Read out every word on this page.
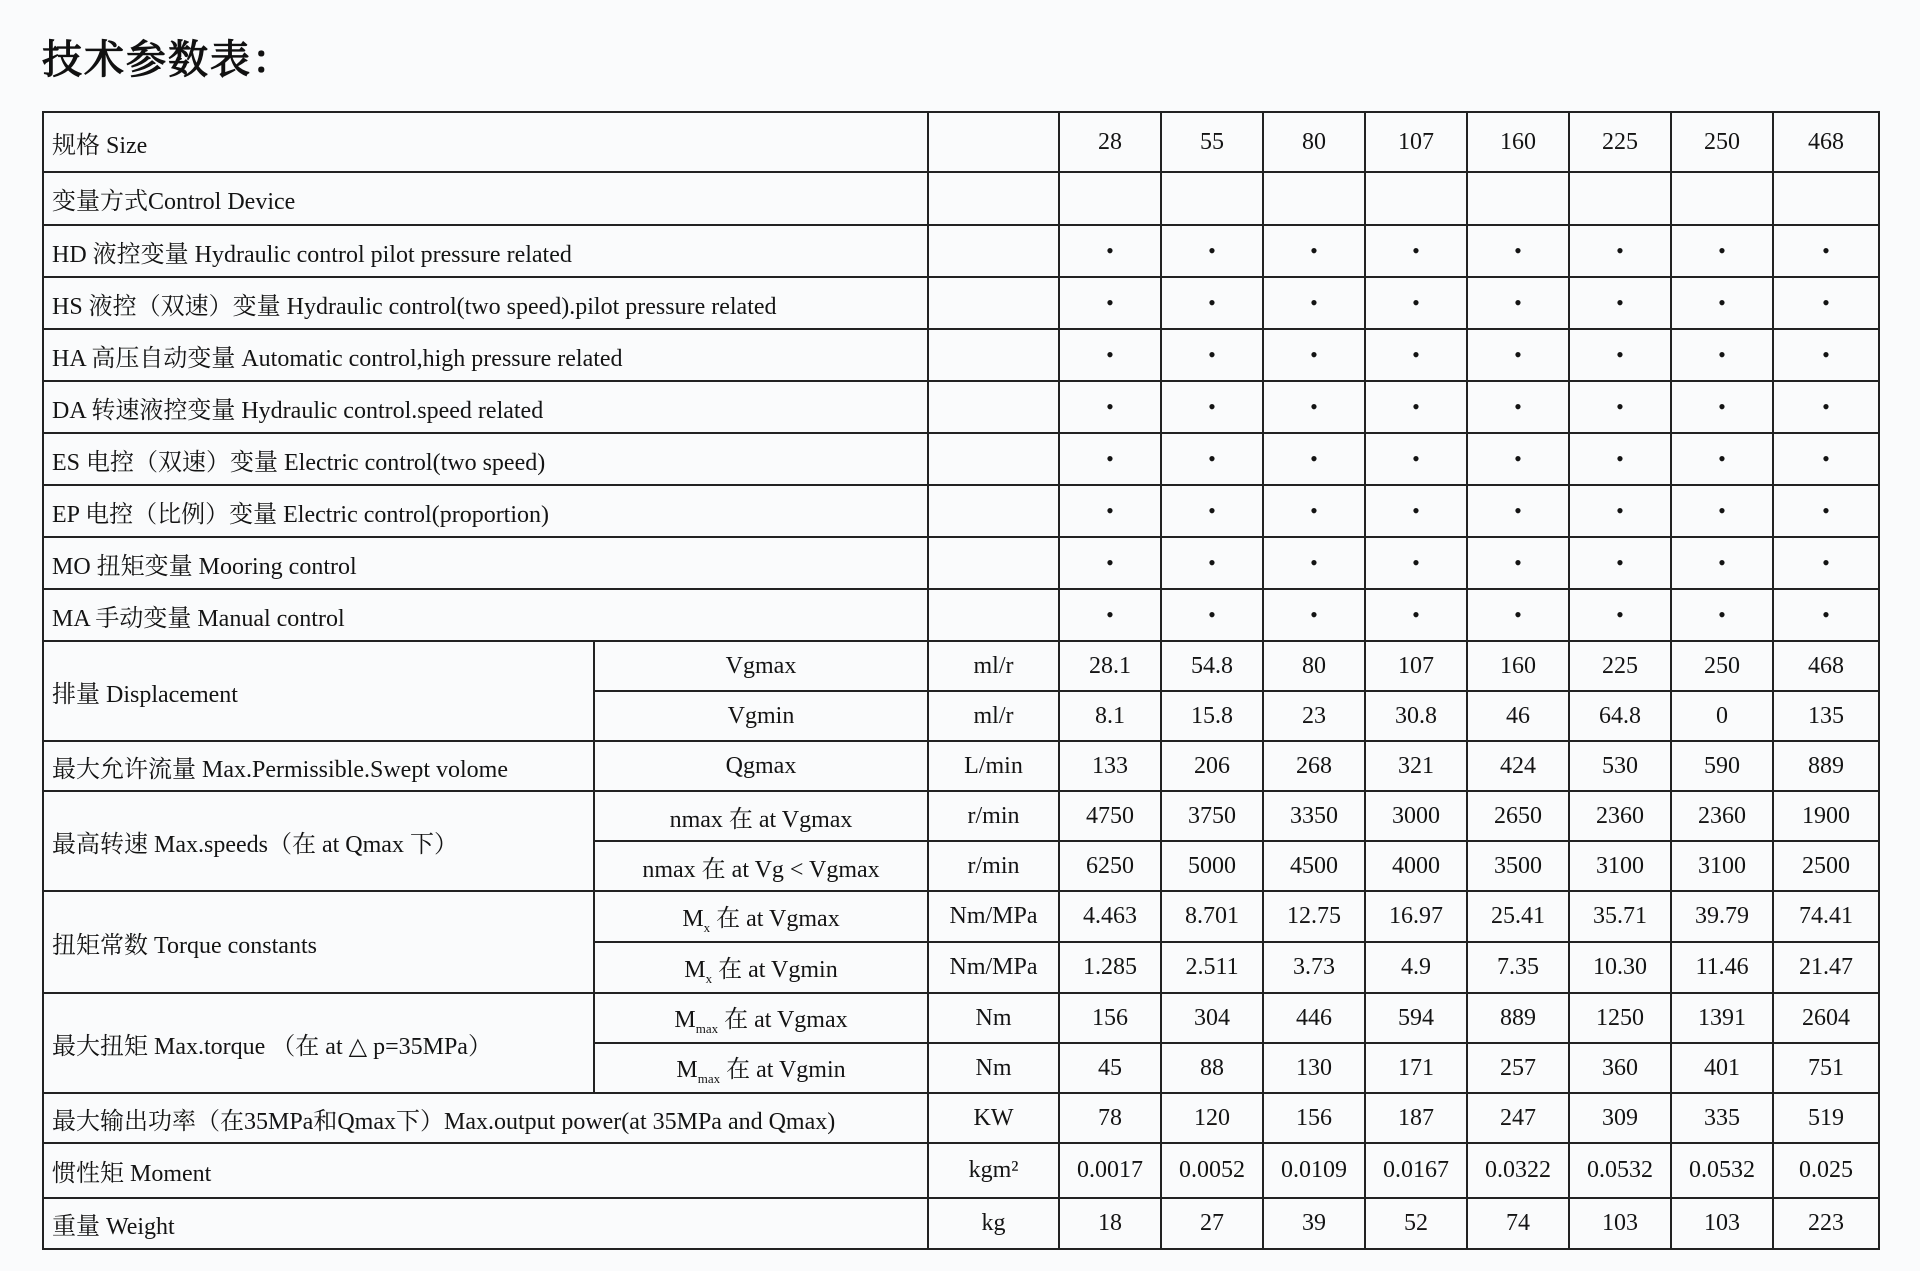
技术参数表：
规格 Size			28	55	80	107	160	225	250	468
变量方式Control Device										
HD 液控变量 Hydraulic control pilot pressure related			•	•	•	•	•	•	•	•
HS 液控（双速）变量 Hydraulic control(two speed).pilot pressure related			•	•	•	•	•	•	•	•
HA 高压自动变量 Automatic control,high pressure related			•	•	•	•	•	•	•	•
DA 转速液控变量 Hydraulic control.speed related			•	•	•	•	•	•	•	•
ES 电控（双速）变量 Electric control(two speed)			•	•	•	•	•	•	•	•
EP 电控（比例）变量 Electric control(proportion)			•	•	•	•	•	•	•	•
MO 扭矩变量 Mooring control			•	•	•	•	•	•	•	•
MA 手动变量 Manual control			•	•	•	•	•	•	•	•
排量 Displacement	Vgmax	ml/r	28.1	54.8	80	107	160	225	250	468
	Vgmin	ml/r	8.1	15.8	23	30.8	46	64.8	0	135
最大允许流量 Max.Permissible.Swept volome	Qgmax	L/min	133	206	268	321	424	530	590	889
最高转速 Max.speeds（在 at Qmax 下）	nmax 在 at Vgmax	r/min	4750	3750	3350	3000	2650	2360	2360	1900
	nmax 在 at Vg < Vgmax	r/min	6250	5000	4500	4000	3500	3100	3100	2500
扭矩常数 Torque constants	$M_x$ 在 at Vgmax	Nm/MPa	4.463	8.701	12.75	16.97	25.41	35.71	39.79	74.41
	$M_x$ 在 at Vgmin	Nm/MPa	1.285	2.511	3.73	4.9	7.35	10.30	11.46	21.47
最大扭矩 Max.torque （在 at △ p=35MPa）	$M_{max}$ 在 at Vgmax	Nm	156	304	446	594	889	1250	1391	2604
	$M_{max}$ 在 at Vgmin	Nm	45	88	130	171	257	360	401	751
最大输出功率（在35MPa和Qmax下）Max.output power(at 35MPa and Qmax)		KW	78	120	156	187	247	309	335	519
惯性矩 Moment		kgm²	0.0017	0.0052	0.0109	0.0167	0.0322	0.0532	0.0532	0.025
重量 Weight		kg	18	27	39	52	74	103	103	223
